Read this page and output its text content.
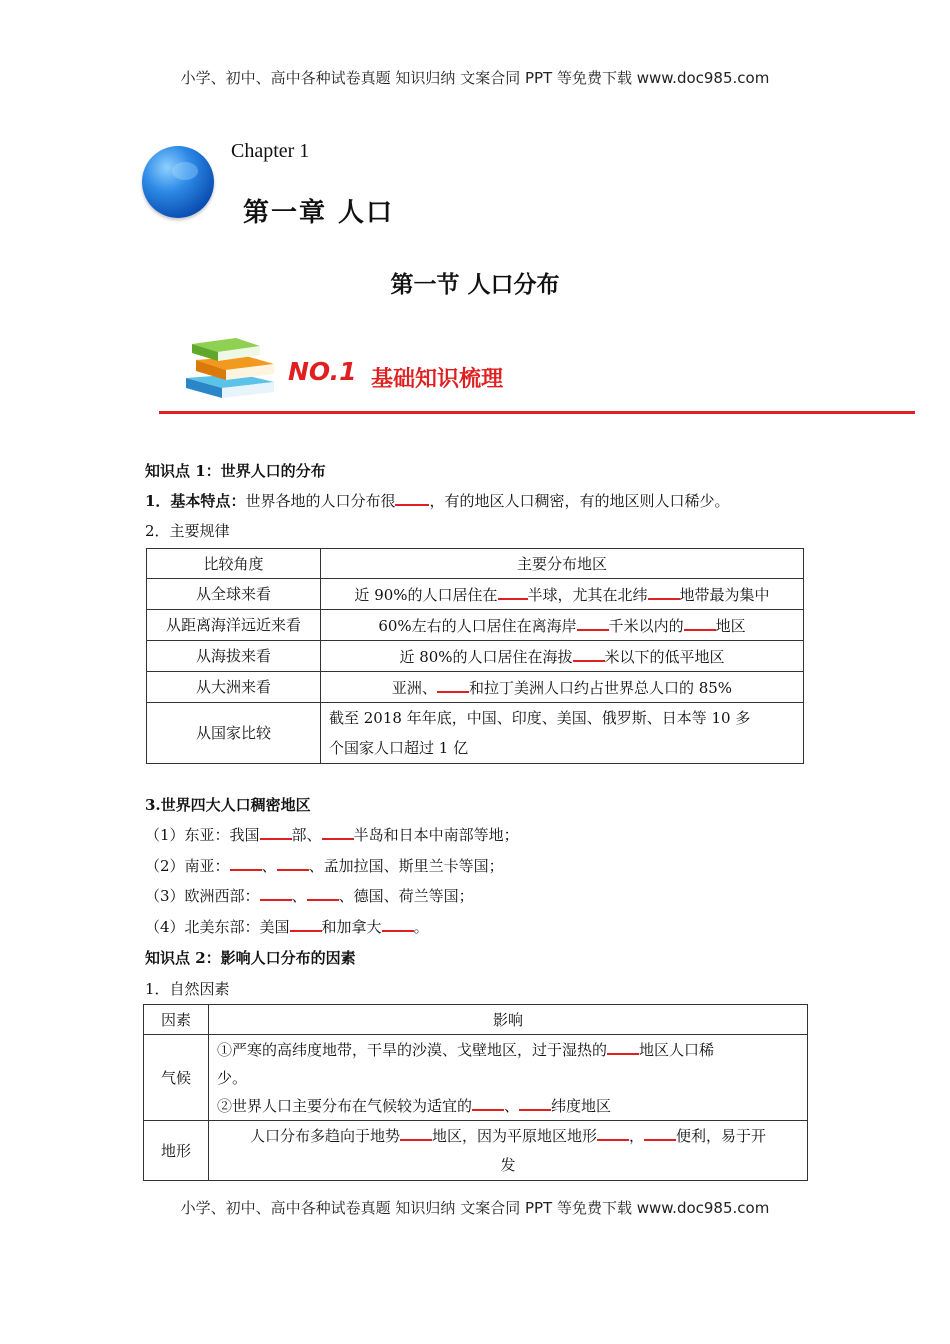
小学、初中、高中各种试卷真题 知识归纳 文案合同 PPT 等免费下载 www.doc985.com
Chapter 1
第一章 人口
第一节 人口分布
NO.1 基础知识梳理
知识点 1：世界人口的分布
1．基本特点：世界各地的人口分布很 ，有的地区人口稠密，有的地区则人口稀少。
2．主要规律
比较角度	主要分布地区
从全球来看	近 90%的人口居住在 半球，尤其在北纬 地带最为集中
从距离海洋远近来看	60%左右的人口居住在离海岸 千米以内的 地区
从海拔来看	近 80%的人口居住在海拔 米以下的低平地区
从大洲来看	亚洲、 和拉丁美洲人口约占世界总人口的 85%
从国家比较	截至 2018 年年底，中国、印度、美国、俄罗斯、日本等 10 多
个国家人口超过 1 亿
3.世界四大人口稠密地区
（1）东亚：我国 部、 半岛和日本中南部等地；
（2）南亚： 、 、孟加拉国、斯里兰卡等国；
（3）欧洲西部： 、 、德国、荷兰等国；
（4）北美东部：美国 和加拿大 。
知识点 2：影响人口分布的因素
1．自然因素
因素	影响
气候	①严寒的高纬度地带，干旱的沙漠、戈壁地区，过于湿热的 地区人口稀
少。
②世界人口主要分布在气候较为适宜的 、 纬度地区
地形	人口分布多趋向于地势 地区，因为平原地区地形 ， 便利，易于开
发
小学、初中、高中各种试卷真题 知识归纳 文案合同 PPT 等免费下载 www.doc985.com
